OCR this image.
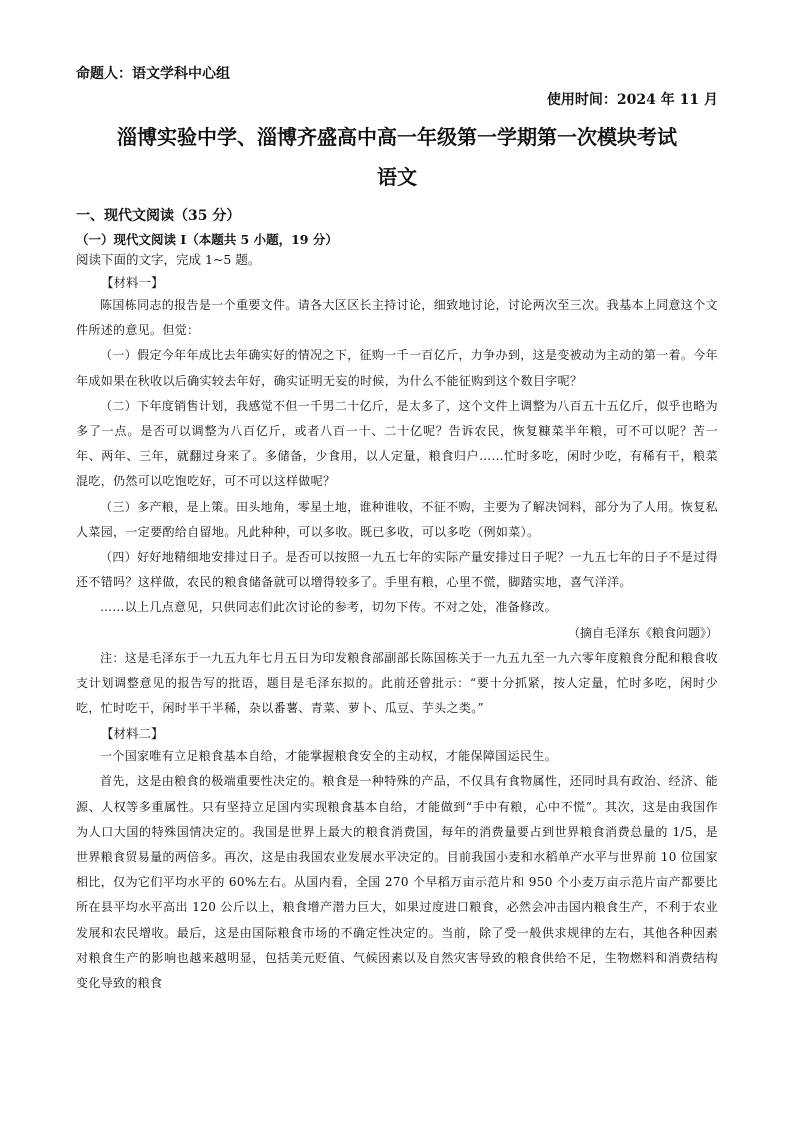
命题人：语文学科中心组

使用时间：2024 年 11 月

淄博实验中学、淄博齐盛高中高一年级第一学期第一次模块考试
语文

一、现代文阅读（35 分）

（一）现代文阅读 I（本题共 5 小题，19 分）

阅读下面的文字，完成 1~5 题。

【材料一】

陈国栋同志的报告是一个重要文件。请各大区区长主持讨论，细致地讨论，讨论两次至三次。我基本上同意这个文件所述的意见。但觉：

（一）假定今年年成比去年确实好的情况之下，征购一千一百亿斤，力争办到，这是变被动为主动的第一着。今年年成如果在秋收以后确实较去年好，确实证明无妄的时候，为什么不能征购到这个数目字呢？

（二）下年度销售计划，我感觉不但一千男二十亿斤，是太多了，这个文件上调整为八百五十五亿斤，似乎也略为多了一点。是否可以调整为八百亿斤，或者八百一十、二十亿呢？告诉农民，恢复糠菜半年粮，可不可以呢？苦一年、两年、三年，就翻过身来了。多储备，少食用，以人定量，粮食归户……忙时多吃，闲时少吃，有稀有干，粮菜混吃，仍然可以吃饱吃好，可不可以这样做呢？

（三）多产粮，是上策。田头地角，零星土地，谁种谁收，不征不购，主要为了解决饲料，部分为了人用。恢复私人菜园，一定要酌给自留地。凡此种种，可以多收。既已多收，可以多吃（例如菜）。

（四）好好地精细地安排过日子。是否可以按照一九五七年的实际产量安排过日子呢？一九五七年的日子不是过得还不错吗？这样做，农民的粮食储备就可以增得较多了。手里有粮，心里不慌，脚踏实地，喜气洋洋。

……以上几点意见，只供同志们此次讨论的参考，切勿下传。不对之处，准备修改。

（摘自毛泽东《粮食问题》）

注：这是毛泽东于一九五九年七月五日为印发粮食部副部长陈国栋关于一九五九至一九六零年度粮食分配和粮食收支计划调整意见的报告写的批语，题目是毛泽东拟的。此前还曾批示：“要十分抓紧，按人定量，忙时多吃，闲时少吃，忙时吃干，闲时半干半稀，杂以番薯、青菜、萝卜、瓜豆、芋头之类。”

【材料二】

一个国家唯有立足粮食基本自给，才能掌握粮食安全的主动权，才能保障国运民生。

首先，这是由粮食的极端重要性决定的。粮食是一种特殊的产品，不仅具有食物属性，还同时具有政治、经济、能源、人权等多重属性。只有坚持立足国内实现粮食基本自给，才能做到“手中有粮，心中不慌”。其次，这是由我国作为人口大国的特殊国情决定的。我国是世界上最大的粮食消费国，每年的消费量要占到世界粮食消费总量的 1/5，是世界粮食贸易量的两倍多。再次，这是由我国农业发展水平决定的。目前我国小麦和水稻单产水平与世界前 10 位国家相比，仅为它们平均水平的 60%左右。从国内看，全国 270 个早稻万亩示范片和 950 个小麦万亩示范片亩产都要比所在县平均水平高出 120 公斤以上，粮食增产潜力巨大，如果过度进口粮食，必然会冲击国内粮食生产，不利于农业发展和农民增收。最后，这是由国际粮食市场的不确定性决定的。当前，除了受一般供求规律的左右，其他各种因素对粮食生产的影响也越来越明显，包括美元贬值、气候因素以及自然灾害导致的粮食供给不足，生物燃料和消费结构变化导致的粮食
